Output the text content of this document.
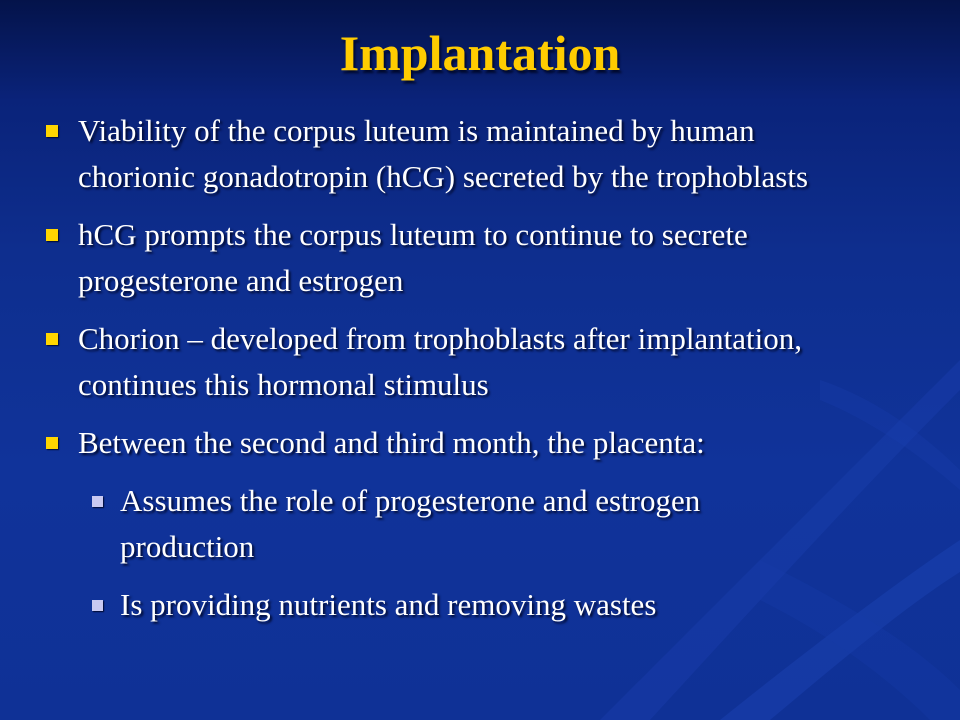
Implantation
Viability of the corpus luteum is maintained by human chorionic gonadotropin (hCG) secreted by the trophoblasts
hCG prompts the corpus luteum to continue to secrete progesterone and estrogen
Chorion – developed from trophoblasts after implantation, continues this hormonal stimulus
Between the second and third month, the placenta:
Assumes the role of progesterone and estrogen production
Is providing nutrients and removing wastes
